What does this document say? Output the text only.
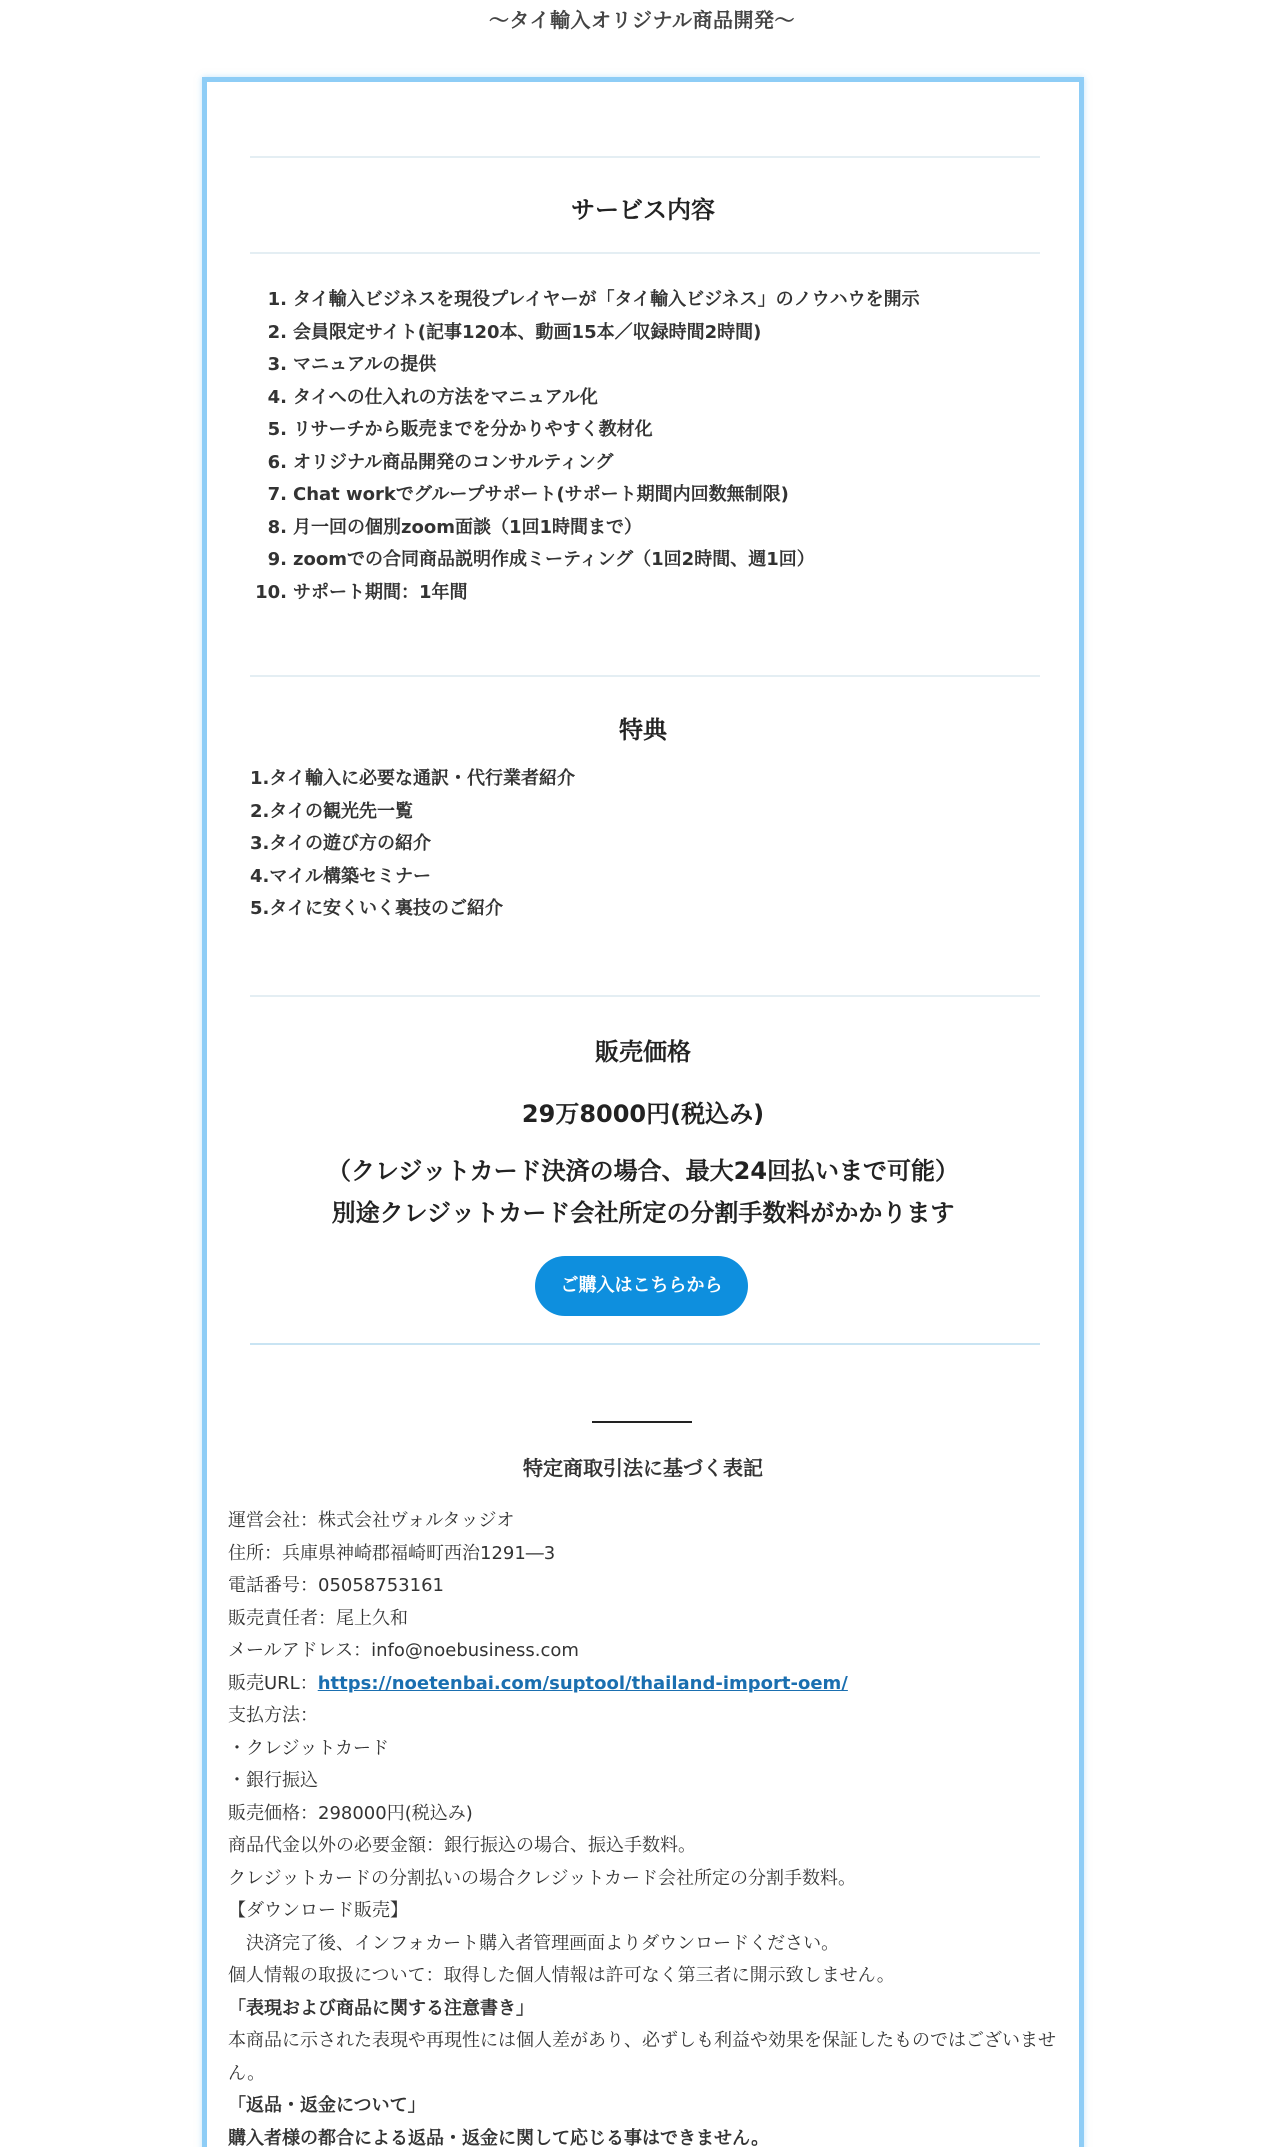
〜タイ輸入オリジナル商品開発〜
サービス内容
1. タイ輸入ビジネスを現役プレイヤーが「タイ輸入ビジネス」のノウハウを開示
2. 会員限定サイト(記事120本、動画15本／収録時間2時間)
3. マニュアルの提供
4. タイへの仕入れの方法をマニュアル化
5. リサーチから販売までを分かりやすく教材化
6. オリジナル商品開発のコンサルティング
7. Chat workでグループサポート(サポート期間内回数無制限)
8. 月一回の個別zoom面談（1回1時間まで）
9. zoomでの合同商品説明作成ミーティング（1回2時間、週1回）
10. サポート期間：1年間
特典
1.タイ輸入に必要な通訳・代行業者紹介
2.タイの観光先一覧
3.タイの遊び方の紹介
4.マイル構築セミナー
5.タイに安くいく裏技のご紹介
販売価格
29万8000円(税込み)
（クレジットカード決済の場合、最大24回払いまで可能）
別途クレジットカード会社所定の分割手数料がかかります
ご購入はこちらから
特定商取引法に基づく表記
運営会社：株式会社ヴォルタッジオ
住所：兵庫県神崎郡福崎町西治1291―3
電話番号：05058753161
販売責任者：尾上久和
メールアドレス：info@noebusiness.com
販売URL：https://noetenbai.com/suptool/thailand-import-oem/
支払方法：
・クレジットカード
・銀行振込
販売価格：298000円(税込み)
商品代金以外の必要金額：銀行振込の場合、振込手数料。
クレジットカードの分割払いの場合クレジットカード会社所定の分割手数料。
【ダウンロード販売】
決済完了後、インフォカート購入者管理画面よりダウンロードください。
個人情報の取扱について：取得した個人情報は許可なく第三者に開示致しません。
「表現および商品に関する注意書き」
本商品に示された表現や再現性には個人差があり、必ずしも利益や効果を保証したものではございません。
「返品・返金について」
購入者様の都合による返品・返金に関して応じる事はできません。
